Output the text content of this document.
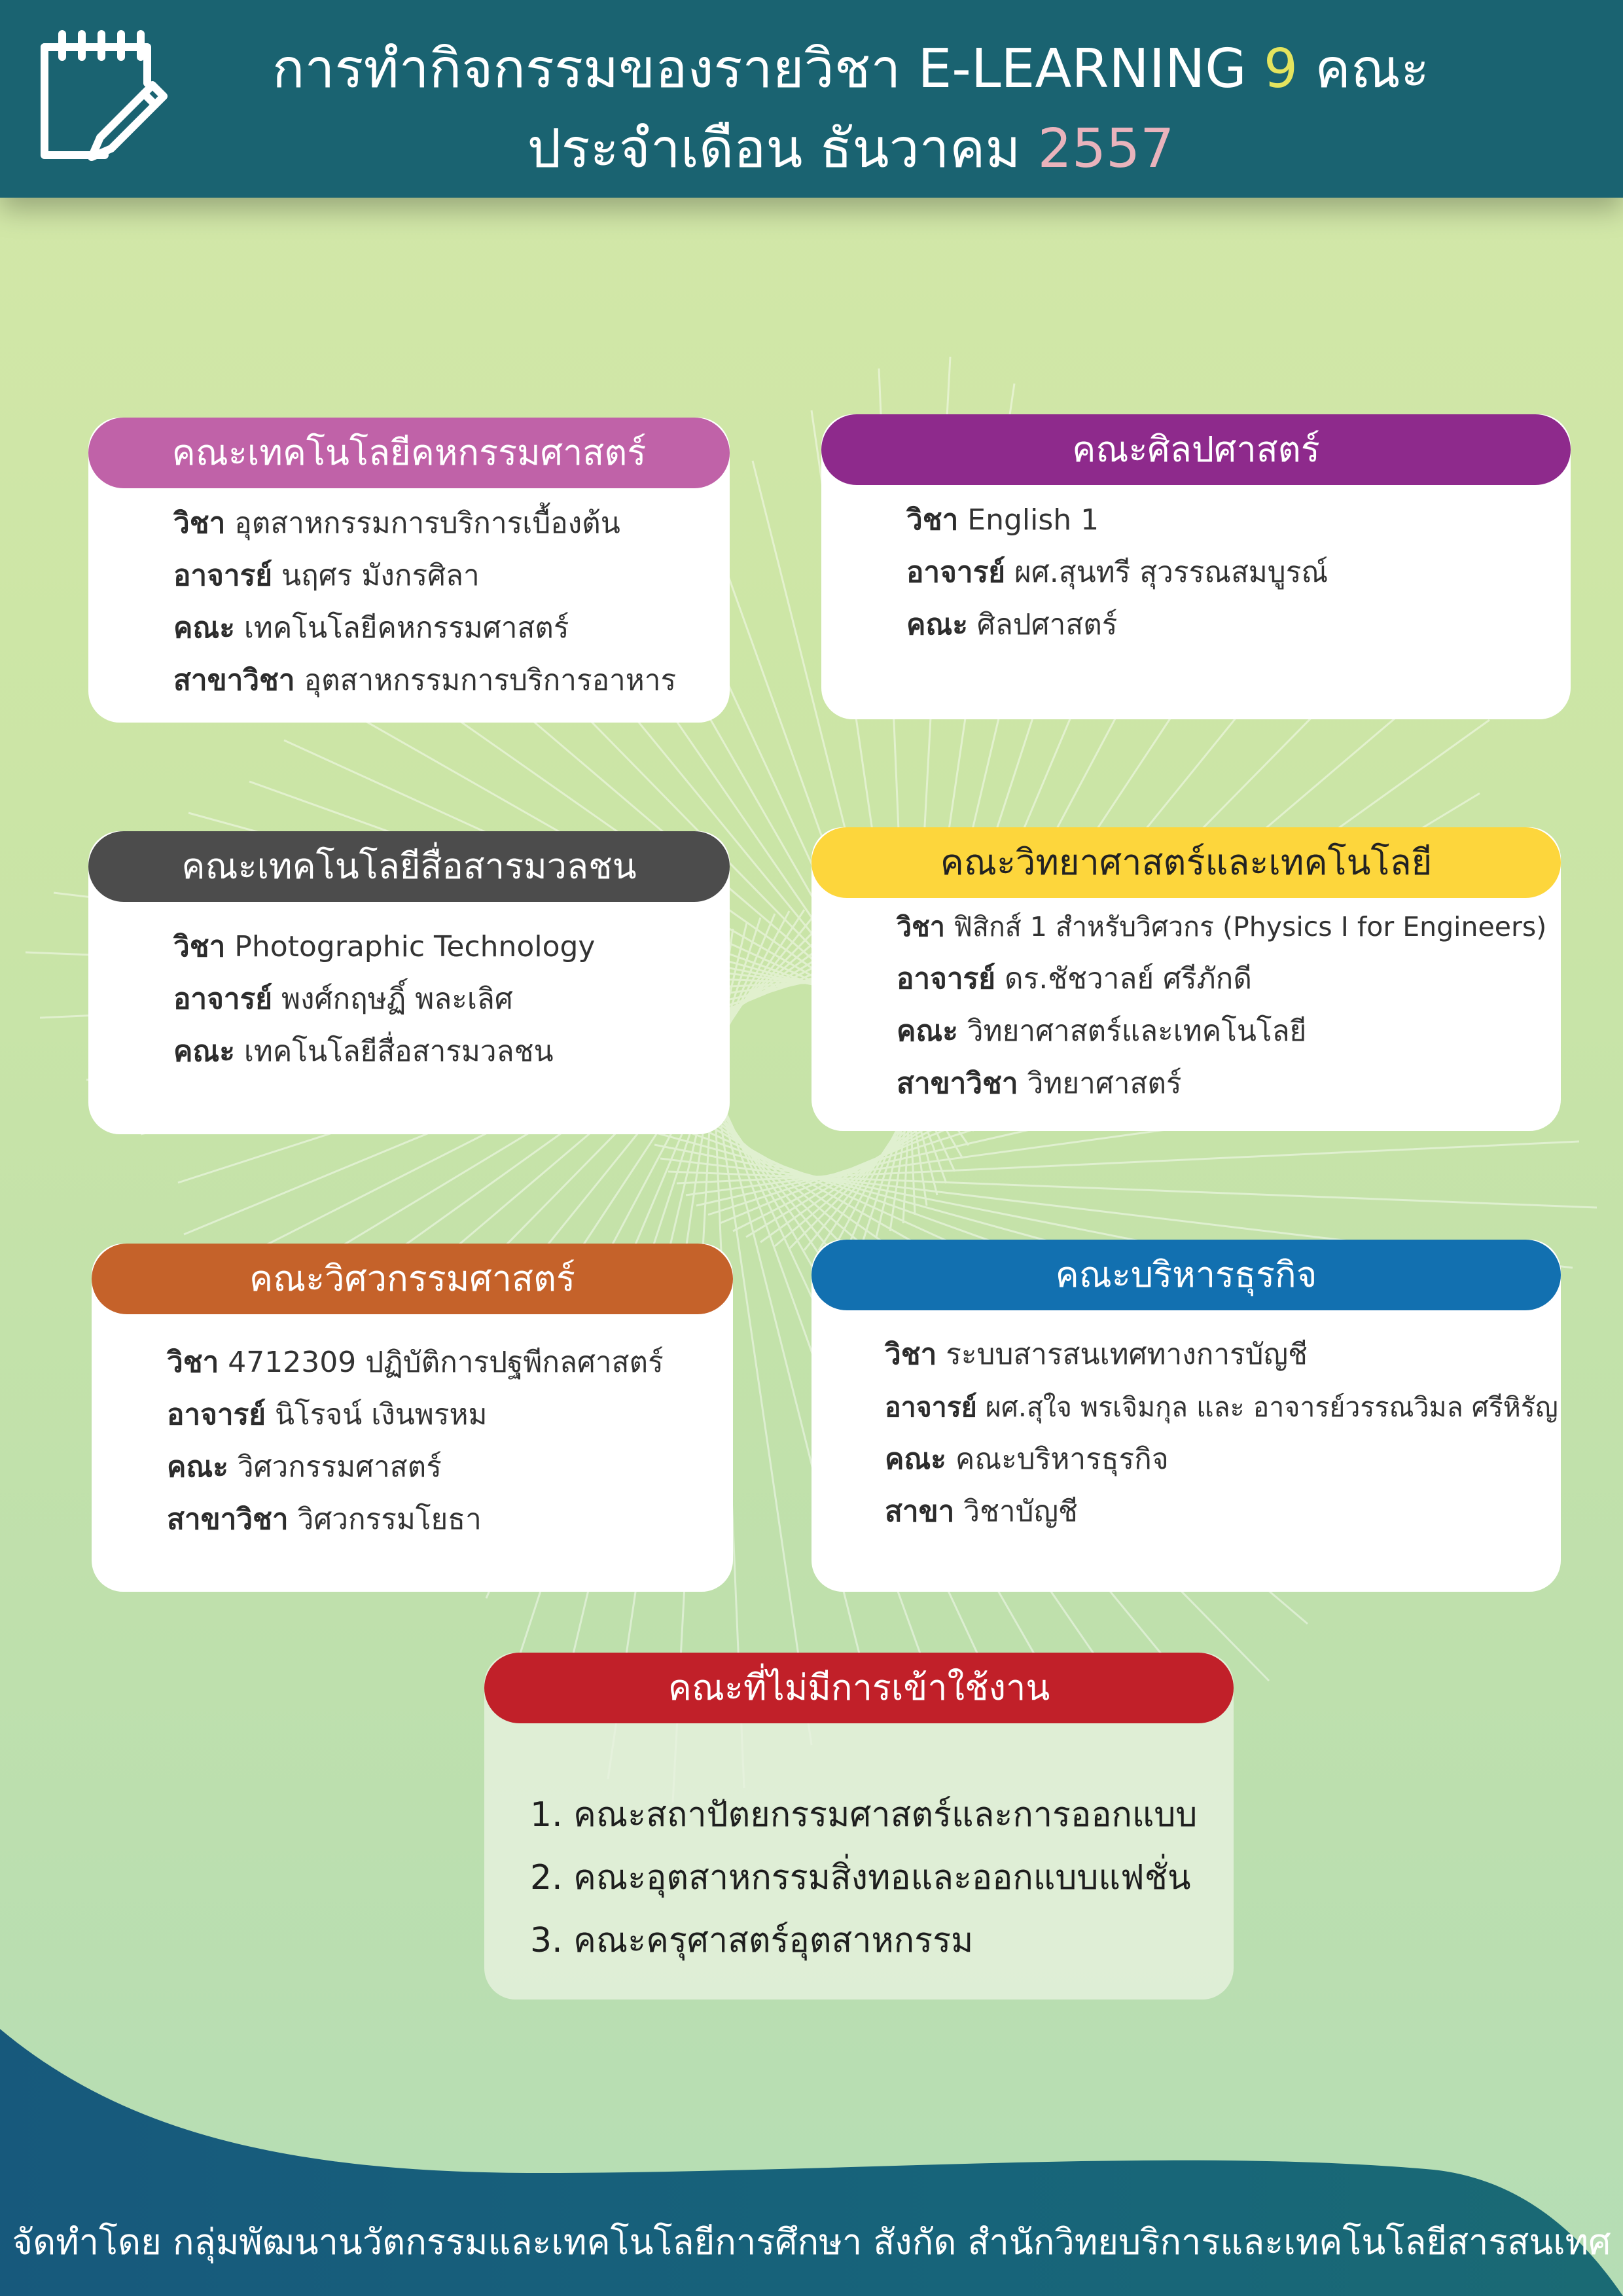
การทำกิจกรรมของรายวิชา E-LEARNING 9 คณะ
ประจำเดือน ธันวาคม 2557
คณะเทคโนโลยีคหกรรมศาสตร์
วิชา อุตสาหกรรมการบริการเบื้องต้น
อาจารย์ นฤศร มังกรศิลา
คณะ เทคโนโลยีคหกรรมศาสตร์
สาขาวิชา อุตสาหกรรมการบริการอาหาร
คณะศิลปศาสตร์
วิชา English 1
อาจารย์ ผศ.สุนทรี สุวรรณสมบูรณ์
คณะ ศิลปศาสตร์
คณะเทคโนโลยีสื่อสารมวลชน
วิชา Photographic Technology
อาจารย์ พงศ์กฤษฏิ์ พละเลิศ
คณะ เทคโนโลยีสื่อสารมวลชน
คณะวิทยาศาสตร์และเทคโนโลยี
วิชา ฟิสิกส์ 1 สำหรับวิศวกร (Physics I for Engineers)
อาจารย์ ดร.ชัชวาลย์ ศรีภักดี
คณะ วิทยาศาสตร์และเทคโนโลยี
สาขาวิชา วิทยาศาสตร์
คณะวิศวกรรมศาสตร์
วิชา 4712309 ปฏิบัติการปฐพีกลศาสตร์
อาจารย์ นิโรจน์ เงินพรหม
คณะ วิศวกรรมศาสตร์
สาขาวิชา วิศวกรรมโยธา
คณะบริหารธุรกิจ
วิชา ระบบสารสนเทศทางการบัญชี
อาจารย์ ผศ.สุใจ พรเจิมกุล และ อาจารย์วรรณวิมล ศรีหิรัญ
คณะ คณะบริหารธุรกิจ
สาขา วิชาบัญชี
คณะที่ไม่มีการเข้าใช้งาน
1. คณะสถาปัตยกรรมศาสตร์และการออกแบบ
2. คณะอุตสาหกรรมสิ่งทอและออกแบบแฟชั่น
3. คณะครุศาสตร์อุตสาหกรรม
จัดทำโดย กลุ่มพัฒนานวัตกรรมและเทคโนโลยีการศึกษา สังกัด สำนักวิทยบริการและเทคโนโลยีสารสนเทศ
